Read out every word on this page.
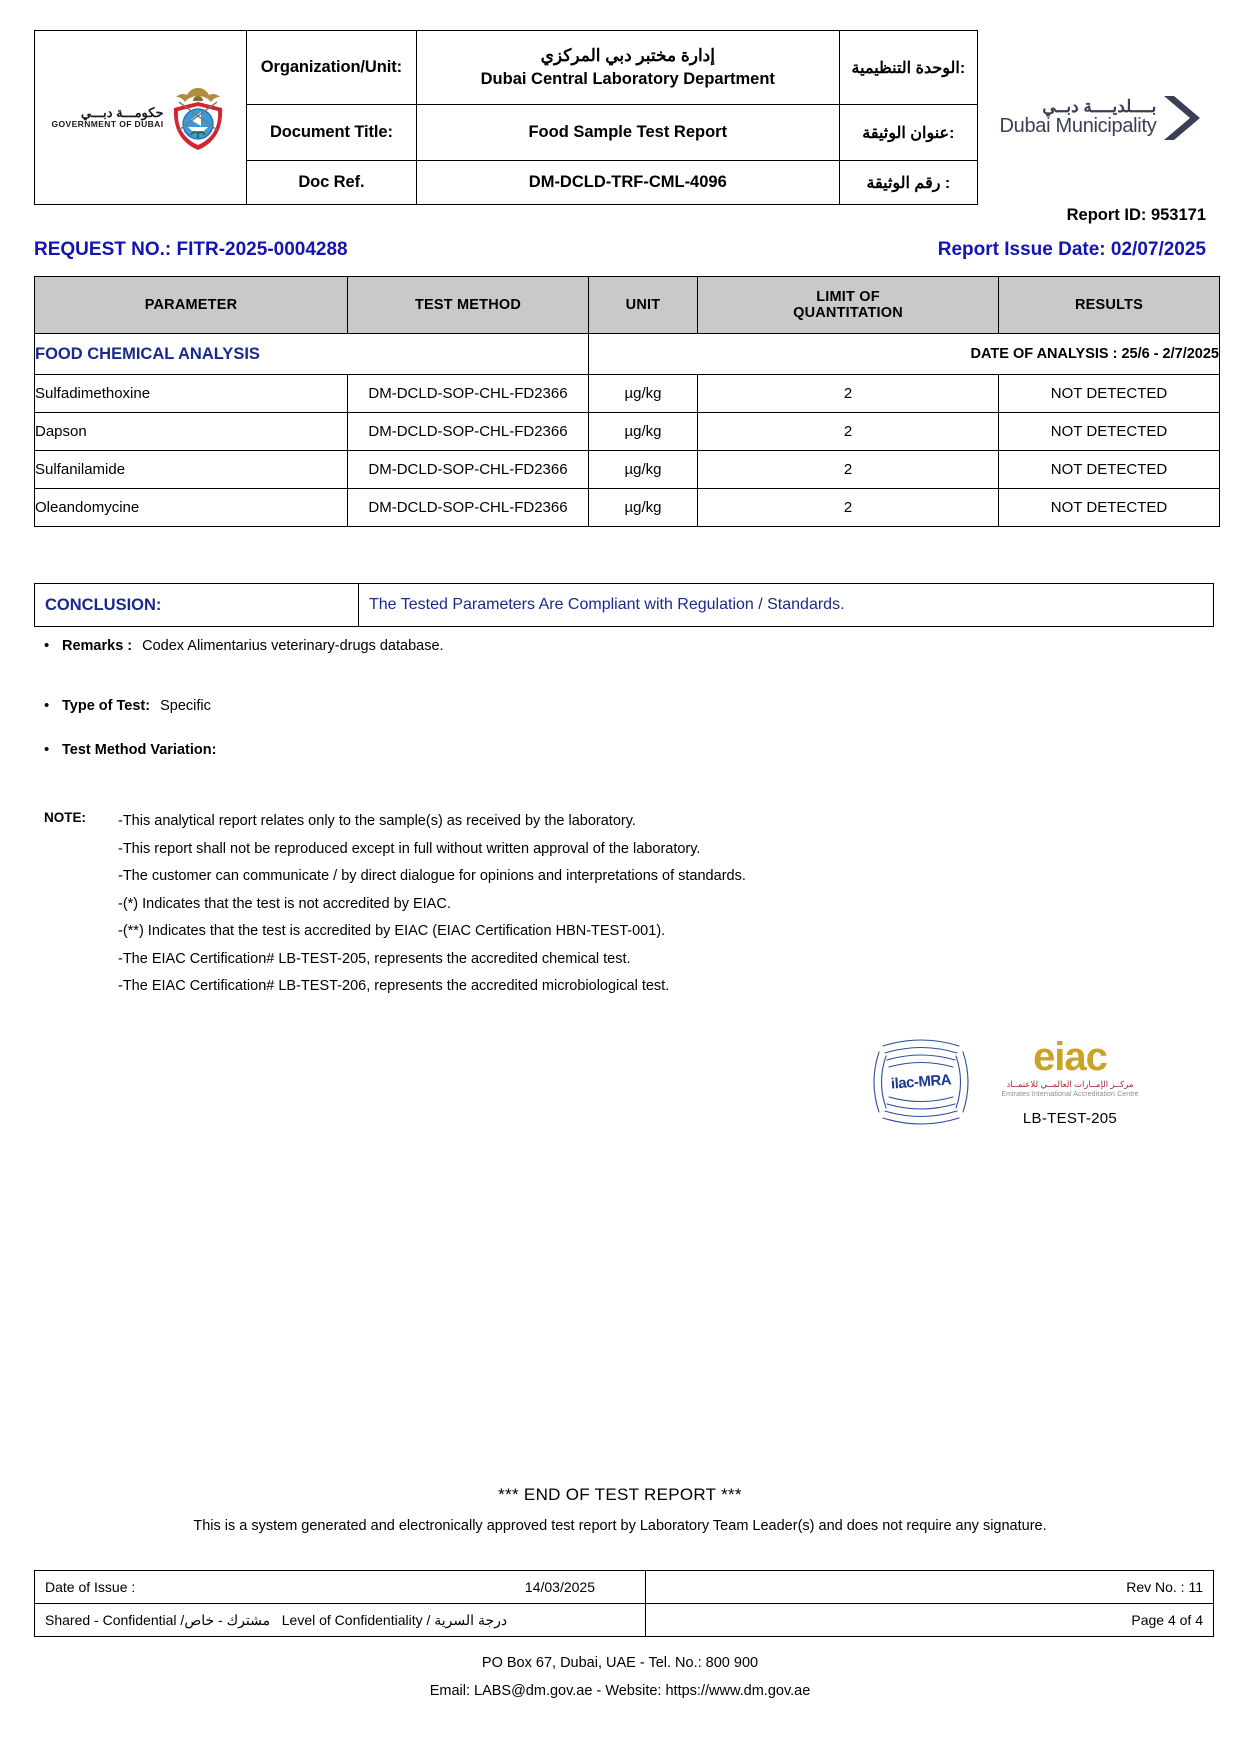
حكومـــة دبـــي
GOVERNMENT OF DUBAI
	Organization/Unit:	
إدارة مختبر دبي المركزي
Dubai Central Laboratory Department
	الوحدة التنظيمية:
	Document Title:	Food Sample Test Report	عنوان الوثيقة:
	Doc Ref.	DM-DCLD-TRF-CML-4096	رقم الوثيقة :
بــــلديــــة دبــي
Dubai Municipality
Report ID: 953171
REQUEST NO.: FITR-2025-0004288	Report Issue Date: 02/07/2025
PARAMETER	TEST METHOD	UNIT	LIMIT OF
QUANTITATION	RESULTS
FOOD CHEMICAL ANALYSIS		DATE OF ANALYSIS : 25/6 - 2/7/2025		
Sulfadimethoxine	DM-DCLD-SOP-CHL-FD2366	µg/kg	2	NOT DETECTED
Dapson	DM-DCLD-SOP-CHL-FD2366	µg/kg	2	NOT DETECTED
Sulfanilamide	DM-DCLD-SOP-CHL-FD2366	µg/kg	2	NOT DETECTED
Oleandomycine	DM-DCLD-SOP-CHL-FD2366	µg/kg	2	NOT DETECTED
CONCLUSION:	The Tested Parameters Are Compliant with Regulation / Standards.
• Remarks : Codex Alimentarius veterinary-drugs database.
• Type of Test: Specific
• Test Method Variation:
NOTE: -This analytical report relates only to the sample(s) as received by the laboratory.
-This report shall not be reproduced except in full without written approval of the laboratory.
-The customer can communicate / by direct dialogue for opinions and interpretations of standards.
-(*) Indicates that the test is not accredited by EIAC.
-(**) Indicates that the test is accredited by EIAC (EIAC Certification HBN-TEST-001).
-The EIAC Certification# LB-TEST-205, represents the accredited chemical test.
-The EIAC Certification# LB-TEST-206, represents the accredited microbiological test.
ilac-MRA
eiac
مركــز الإمــارات العالمــي للاعتمــاد
Emirates International Accreditation Centre
LB-TEST-205
*** END OF TEST REPORT ***
This is a system generated and electronically approved test report by Laboratory Team Leader(s) and does not require any signature.
Date of Issue : 14/03/2025	Rev No. : 11
Shared - Confidential /مشترك - خاص Level of Confidentiality / درجة السرية	Page 4 of 4
PO Box 67, Dubai, UAE - Tel. No.: 800 900
Email: LABS@dm.gov.ae - Website: https://www.dm.gov.ae
